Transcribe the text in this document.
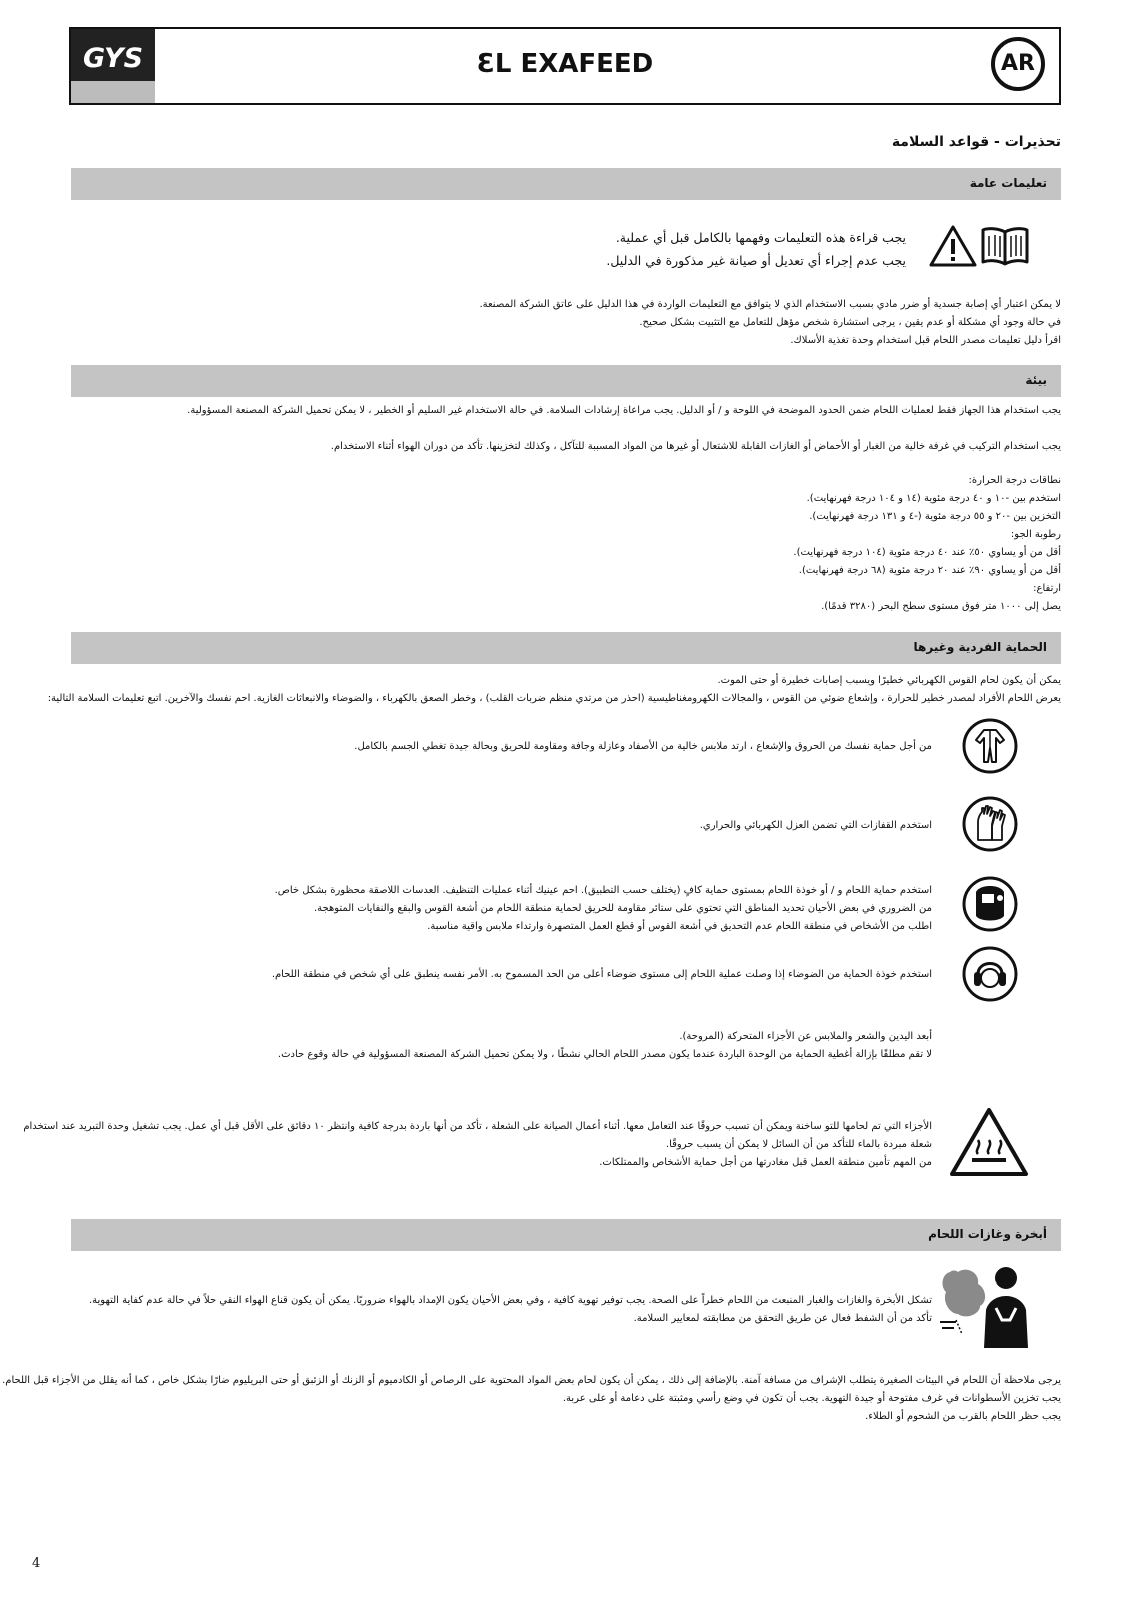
GYS	ƐL EXAFEED	AR
تحذيرات - قواعد السلامة
تعليمات عامة
يجب قراءة هذه التعليمات وفهمها بالكامل قبل أي عملية.
يجب عدم إجراء أي تعديل أو صيانة غير مذكورة في الدليل.
لا يمكن اعتبار أي إصابة جسدية أو ضرر مادي بسبب الاستخدام الذي لا يتوافق مع التعليمات الواردة في هذا الدليل على عاتق الشركة المصنعة.
في حالة وجود أي مشكلة أو عدم يقين ، يرجى استشارة شخص مؤهل للتعامل مع التثبيت بشكل صحيح.
اقرأ دليل تعليمات مصدر اللحام قبل استخدام وحدة تغذية الأسلاك.
بيئة
يجب استخدام هذا الجهاز فقط لعمليات اللحام ضمن الحدود الموضحة في اللوحة و / أو الدليل. يجب مراعاة إرشادات السلامة. في حالة الاستخدام غير السليم أو الخطير ، لا يمكن تحميل الشركة المصنعة المسؤولية.
يجب استخدام التركيب في غرفة خالية من الغبار أو الأحماض أو الغازات القابلة للاشتعال أو غيرها من المواد المسببة للتآكل ، وكذلك لتخزينها. تأكد من دوران الهواء أثناء الاستخدام.
نطاقات درجة الحرارة:
استخدم بين -١٠ و ٤٠ درجة مئوية (١٤ و ١٠٤ درجة فهرنهايت).
التخزين بين -٢٠ و ٥٥ درجة مئوية (-٤ و ١٣١ درجة فهرنهايت).
رطوبة الجو:
أقل من أو يساوي ٥٠٪ عند ٤٠ درجة مئوية (١٠٤ درجة فهرنهايت).
أقل من أو يساوي ٩٠٪ عند ٢٠ درجة مئوية (٦٨ درجة فهرنهايت).
ارتفاع:
يصل إلى ١٠٠٠ متر فوق مستوى سطح البحر (٣٢٨٠ قدمًا).
الحماية الفردية وغيرها
يمكن أن يكون لحام القوس الكهربائي خطيرًا ويسبب إصابات خطيرة أو حتى الموت.
يعرض اللحام الأفراد لمصدر خطير للحرارة ، وإشعاع ضوئي من القوس ، والمجالات الكهرومغناطيسية (احذر من مرتدي منظم ضربات القلب) ، وخطر الصعق بالكهرباء ، والضوضاء والانبعاثات الغازية. احم نفسك والآخرين. اتبع تعليمات السلامة التالية:
من أجل حماية نفسك من الحروق والإشعاع ، ارتد ملابس خالية من الأصفاد وعازلة وجافة ومقاومة للحريق وبحالة جيدة تغطي الجسم بالكامل.
استخدم القفازات التي تضمن العزل الكهربائي والحراري.
استخدم حماية اللحام و / أو خوذة اللحام بمستوى حماية كافٍ (يختلف حسب التطبيق). احم عينيك أثناء عمليات التنظيف. العدسات اللاصقة محظورة بشكل خاص.
من الضروري في بعض الأحيان تحديد المناطق التي تحتوي على ستائر مقاومة للحريق لحماية منطقة اللحام من أشعة القوس والبقع والنفايات المتوهجة.
اطلب من الأشخاص في منطقة اللحام عدم التحديق في أشعة القوس أو قطع العمل المتصهرة وارتداء ملابس واقية مناسبة.
استخدم خوذة الحماية من الضوضاء إذا وصلت عملية اللحام إلى مستوى ضوضاء أعلى من الحد المسموح به. الأمر نفسه ينطبق على أي شخص في منطقة اللحام.
أبعد اليدين والشعر والملابس عن الأجزاء المتحركة (المروحة).
لا تقم مطلقًا بإزالة أغطية الحماية من الوحدة الباردة عندما يكون مصدر اللحام الحالي نشطًا ، ولا يمكن تحميل الشركة المصنعة المسؤولية في حالة وقوع حادث.
الأجزاء التي تم لحامها للتو ساخنة ويمكن أن تسبب حروقًا عند التعامل معها. أثناء أعمال الصيانة على الشعلة ، تأكد من أنها باردة بدرجة كافية وانتظر ١٠ دقائق على الأقل قبل أي عمل. يجب تشغيل وحدة التبريد عند استخدام
شعلة مبردة بالماء للتأكد من أن السائل لا يمكن أن يسبب حروقًا.
من المهم تأمين منطقة العمل قبل مغادرتها من أجل حماية الأشخاص والممتلكات.
أبخرة وغازات اللحام
تشكل الأبخرة والغازات والغبار المنبعث من اللحام خطراً على الصحة. يجب توفير تهوية كافية ، وفي بعض الأحيان يكون الإمداد بالهواء ضروريًا. يمكن أن يكون قناع الهواء النقي حلاً في حالة عدم كفاية التهوية.
تأكد من أن الشفط فعال عن طريق التحقق من مطابقته لمعايير السلامة.
يرجى ملاحظة أن اللحام في البيئات الصغيرة يتطلب الإشراف من مسافة آمنة. بالإضافة إلى ذلك ، يمكن أن يكون لحام بعض المواد المحتوية على الرصاص أو الكادميوم أو الزنك أو الزئبق أو حتى البريليوم ضارًا بشكل خاص ، كما أنه يقلل من الأجزاء قبل اللحام.
يجب تخزين الأسطوانات في غرف مفتوحة أو جيدة التهوية. يجب أن تكون في وضع رأسي ومثبتة على دعامة أو على عربة.
يجب حظر اللحام بالقرب من الشحوم أو الطلاء.
4
